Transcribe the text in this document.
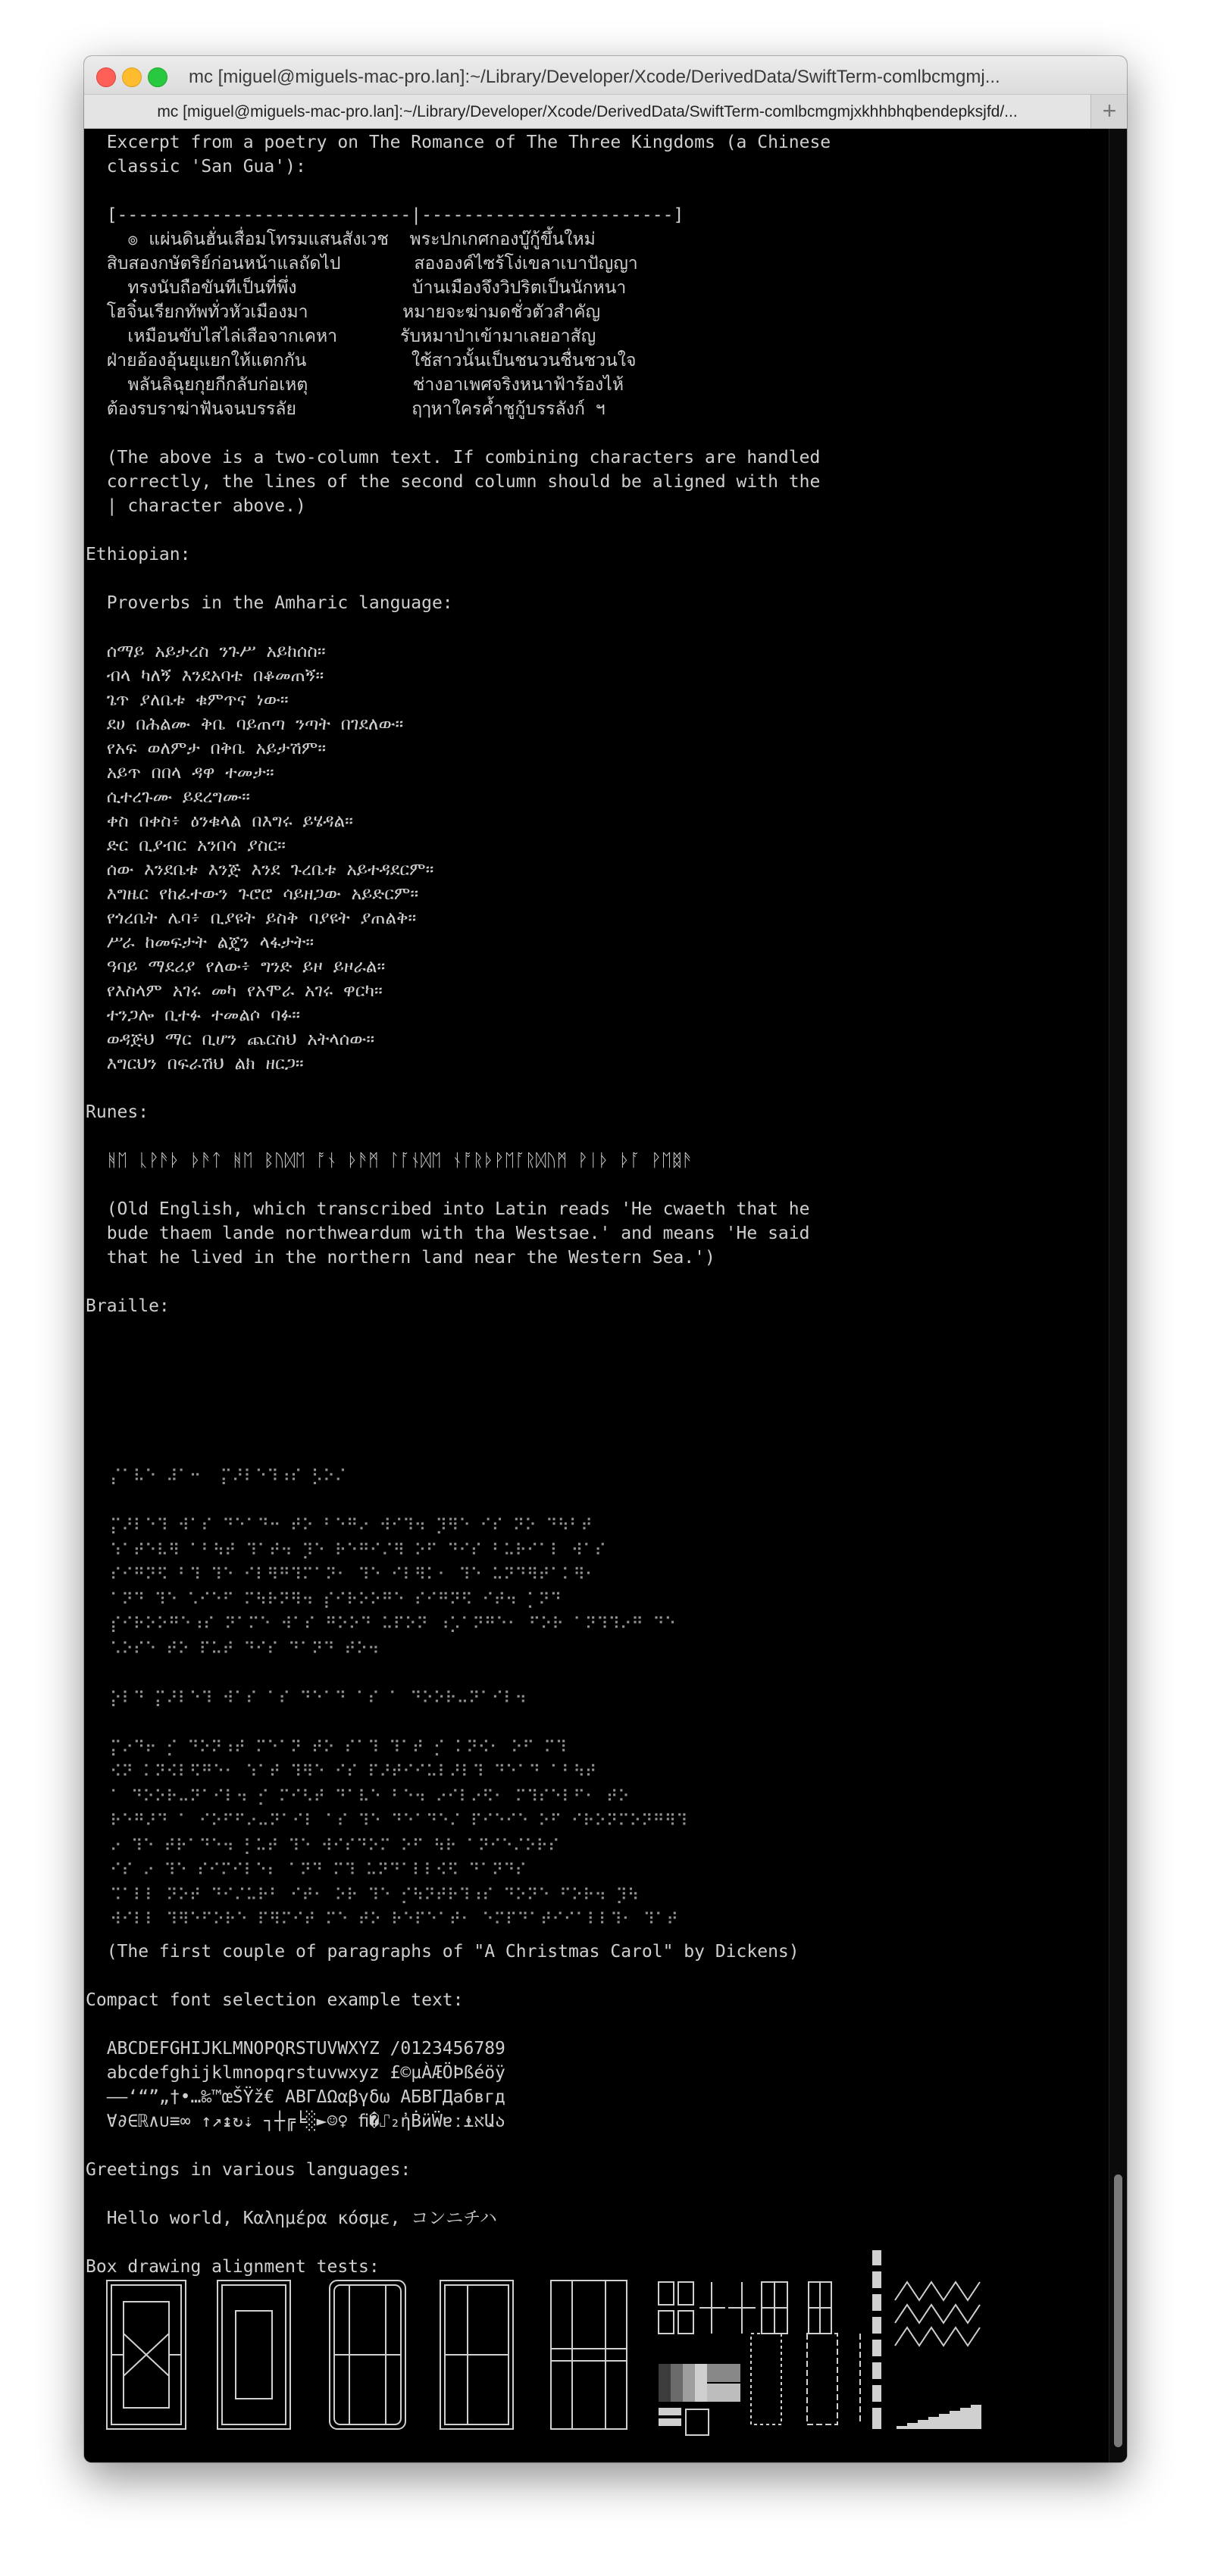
mc [miguel@miguels-mac-pro.lan]:~/Library/Developer/Xcode/DerivedData/SwiftTerm-comlbcmgmj...
mc [miguel@miguels-mac-pro.lan]:~/Library/Developer/Xcode/DerivedData/SwiftTerm-comlbcmgmjxkhhbhqbendepksjfd/...	+
Excerpt from a poetry on The Romance of The Three Kingdoms (a Chinese
classic 'San Gua'):

[----------------------------|------------------------]
๏ แผ่นดินฮั่นเสื่อมโทรมแสนสังเวช  พระปกเกศกองบู๊กู้ขึ้นใหม่
สิบสองกษัตริย์ก่อนหน้าแลถัดไป       สององค์ไซร้โง่เขลาเบาปัญญา
ทรงนับถือขันทีเป็นที่พึ่ง           บ้านเมืองจึงวิปริตเป็นนักหนา
โฮจิ๋นเรียกทัพทั่วหัวเมืองมา         หมายจะฆ่ามดชั่วตัวสำคัญ
เหมือนขับไสไล่เสือจากเคหา      รับหมาป่าเข้ามาเลยอาสัญ
ฝ่ายอ้องอุ้นยุแยกให้แตกกัน          ใช้สาวนั้นเป็นชนวนชื่นชวนใจ
พลันลิฉุยกุยกีกลับก่อเหตุ          ช่างอาเพศจริงหนาฟ้าร้องไห้
ต้องรบราฆ่าฟันจนบรรลัย           ฤๅหาใครค้ำชูกู้บรรลังก์ ฯ

(The above is a two-column text. If combining characters are handled
correctly, the lines of the second column should be aligned with the
| character above.)

Ethiopian:

Proverbs in the Amharic language:

ሰማይ አይታረስ ንጉሥ አይከሰስ።
ብላ ካለኝ እንደአባቴ በቆመጠኝ።
ጌጥ ያለቤቱ ቁምጥና ነው።
ደሀ በሕልሙ ቅቤ ባይጠጣ ንጣት በገደለው።
የአፍ ወለምታ በቅቤ አይታሽም።
አይጥ በበላ ዳዋ ተመታ።
ሲተረጉሙ ይደረግሙ።
ቀስ በቀስ፥ ዕንቁላል በእግሩ ይሄዳል።
ድር ቢያብር አንበሳ ያስር።
ሰው እንደቤቱ እንጅ እንደ ጉረቤቱ አይተዳደርም።
እግዜር የከፈተውን ጉሮሮ ሳይዘጋው አይድርም።
የጎረቤት ሌባ፥ ቢያዩት ይስቅ ባያዩት ያጠልቅ።
ሥራ ከመፍታት ልጄን ላፋታት።
ዓባይ ማደሪያ የለው፥ ግንድ ይዞ ይዞራል።
የእስላም አገሩ መካ የአሞራ አገሩ ዋርካ።
ተንጋሎ ቢተፉ ተመልሶ ባፉ።
ወዳጅህ ማር ቢሆን ጨርስህ አትላሰው።
እግርህን በፍራሽህ ልክ ዘርጋ።

Runes:

ᚻᛖ ᚳᚹᚫᚦ ᚦᚫᛏ ᚻᛖ ᛒᚢᛞᛖ ᚩᚾ ᚦᚫᛗ ᛚᚪᚾᛞᛖ ᚾᚩᚱᚦᚹᛖᚪᚱᛞᚢᛗ ᚹᛁᚦ ᚦᚪ ᚹᛖᛥᚫ

(Old English, which transcribed into Latin reads 'He cwaeth that he
bude thaem lande northweardum with tha Westsae.' and means 'He said
that he lived in the northern land near the Western Sea.')

Braille:
⡌⠁⠧⠑ ⠼⠁⠒  ⡍⠜⠇⠑⠹⠰⠎ ⡣⠕⠌

⡍⠜⠇⠑⠹ ⠺⠁⠎ ⠙⠑⠁⠙⠒ ⠞⠕ ⠃⠑⠛⠔ ⠺⠊⠹⠲ ⡹⠻⠑ ⠊⠎ ⠝⠕ ⠙⠳⠃⠞
⠱⠁⠞⠑⠧⠻ ⠁⠃⠳⠞ ⠹⠁⠞⠲ ⡹⠑ ⠗⠑⠛⠊⠌⠻ ⠕⠋ ⠙⠊⠎ ⠃⠥⠗⠊⠁⠇ ⠺⠁⠎
⠎⠊⠛⠝⠫ ⠃⠹ ⠹⠑ ⠊⠇⠻⠛⠹⠍⠁⠝⠂ ⠹⠑ ⠊⠇⠻⠅⠂ ⠹⠑ ⠥⠝⠙⠻⠞⠁⠅⠻⠂
⠁⠝⠙ ⠹⠑ ⠡⠊⠑⠋ ⠍⠳⠗⠝⠻⠲ ⡎⠊⠗⠕⠕⠛⠑ ⠎⠊⠛⠝⠫ ⠊⠞⠲ ⡁⠝⠙
⡎⠊⠗⠕⠕⠛⠑⠰⠎ ⠝⠁⠍⠑ ⠺⠁⠎ ⠛⠕⠕⠙ ⠥⠏⠕⠝ ⠰⡡⠁⠝⠛⠑⠂ ⠋⠕⠗ ⠁⠝⠹⠹⠔⠛ ⠙⠑
⠡⠕⠎⠑ ⠞⠕ ⠏⠥⠞ ⠙⠊⠎ ⠙⠁⠝⠙ ⠞⠕⠲

⡕⠇⠙ ⡍⠜⠇⠑⠹ ⠺⠁⠎ ⠁⠎ ⠙⠑⠁⠙ ⠁⠎ ⠁ ⠙⠕⠕⠗⠤⠝⠁⠊⠇⠲

⡍⠔⠙⠖ ⡊ ⠙⠕⠝⠰⠞ ⠍⠑⠁⠝ ⠞⠕ ⠎⠁⠹ ⠹⠁⠞ ⡊ ⠅⠝⠪⠂ ⠕⠋ ⠍⠹
⠪⠝ ⠅⠝⠪⠇⠫⠛⠑⠂ ⠱⠁⠞ ⠹⠻⠑ ⠊⠎ ⠏⠜⠞⠊⠊⠥⠇⠜⠇⠹ ⠙⠑⠁⠙ ⠁⠃⠳⠞
⠁ ⠙⠕⠕⠗⠤⠝⠁⠊⠇⠲ ⡊ ⠍⠊⠣⠞ ⠙⠁⠧⠑ ⠃⠑⠲ ⠔⠊⠇⠔⠫⠂ ⠍⠹⠎⠑⠇⠋⠂ ⠞⠕
⠗⠑⠛⠜⠙ ⠁ ⠊⠕⠋⠋⠔⠤⠝⠁⠊⠇ ⠁⠎ ⠹⠑ ⠙⠑⠁⠙⠑⠌ ⠏⠊⠑⠊⠑ ⠕⠋ ⠊⠗⠕⠝⠍⠕⠝⠛⠻⠹
⠔ ⠹⠑ ⠞⠗⠁⠙⠑⠲ ⡃⠥⠞ ⠹⠑ ⠺⠊⠎⠙⠕⠍ ⠕⠋ ⠳⠗ ⠁⠝⠊⠑⠌⠕⠗⠎
⠊⠎ ⠔ ⠹⠑ ⠎⠊⠍⠊⠇⠑⠆ ⠁⠝⠙ ⠍⠹ ⠥⠝⠙⠁⠇⠇⠪⠫ ⠙⠁⠝⠙⠎
⠩⠁⠇⠇ ⠝⠕⠞ ⠙⠊⠌⠥⠗⠃ ⠊⠞⠂ ⠕⠗ ⠹⠑ ⡊⠳⠝⠞⠗⠹⠰⠎ ⠙⠕⠝⠑ ⠋⠕⠗⠲ ⡹⠳
⠺⠊⠇⠇ ⠹⠻⠑⠋⠕⠗⠑ ⠏⠻⠍⠊⠞ ⠍⠑ ⠞⠕ ⠗⠑⠏⠑⠁⠞⠂ ⠑⠍⠏⠙⠁⠞⠊⠊⠁⠇⠇⠹⠂ ⠹⠁⠞

(The first couple of paragraphs of "A Christmas Carol" by Dickens)

Compact font selection example text:

ABCDEFGHIJKLMNOPQRSTUVWXYZ /0123456789
abcdefghijklmnopqrstuvwxyz £©µÀÆÖÞßéöÿ
–—‘“”„†•…‰™œŠŸž€ ΑΒΓΔΩαβγδω АБВГДабвгд
∀∂∈ℝ∧∪≡∞ ↑↗↨↻⇣ ┐┼╔╘░►☺♀ ﬁ�⑀₂ἠḂӥẄɐː⍎אԱა

Greetings in various languages:

Hello world, Καλημέρα κόσμε, コンニチハ

Box drawing alignment tests:
